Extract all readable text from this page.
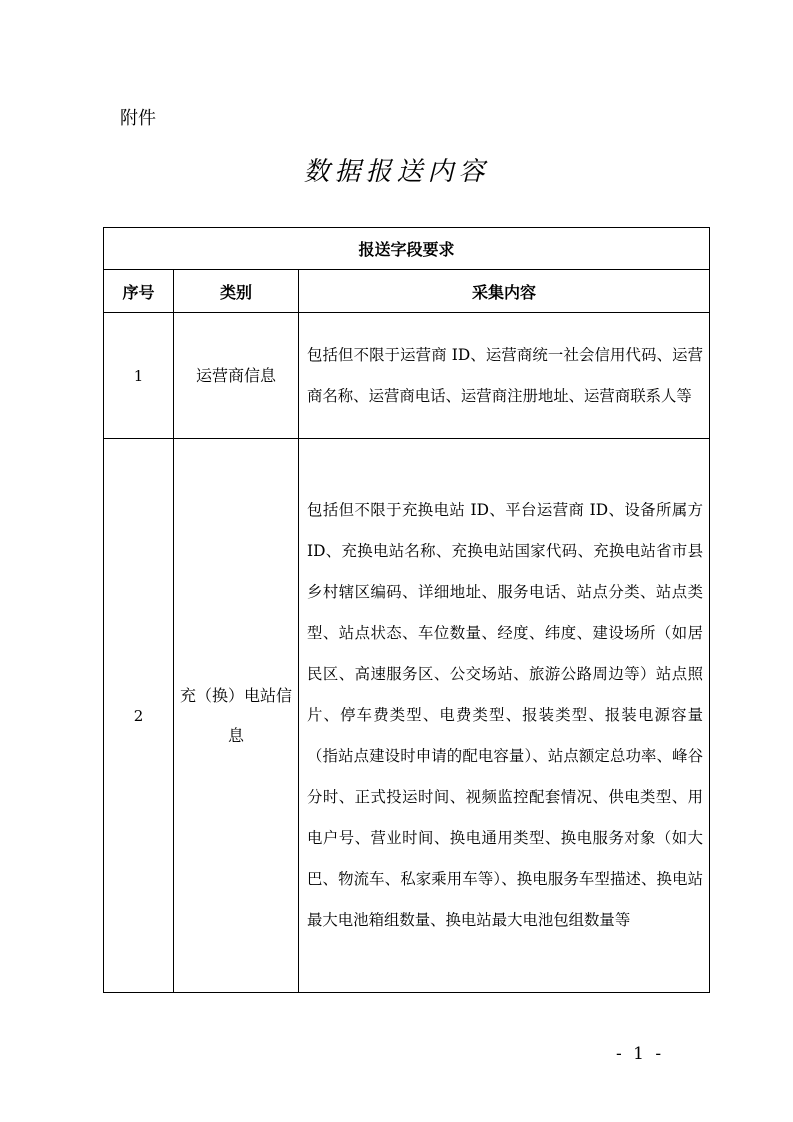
附件
数据报送内容
报送字段要求		
序号	类别	采集内容
1	运营商信息	包括但不限于运营商 ID、运营商统一社会信用代码、运营商名称、运营商电话、运营商注册地址、运营商联系人等
2	充（换）电站信息	包括但不限于充换电站 ID、平台运营商 ID、设备所属方 ID、充换电站名称、充换电站国家代码、充换电站省市县乡村辖区编码、详细地址、服务电话、站点分类、站点类型、站点状态、车位数量、经度、纬度、建设场所（如居民区、高速服务区、公交场站、旅游公路周边等）站点照片、停车费类型、电费类型、报装类型、报装电源容量（指站点建设时申请的配电容量）、站点额定总功率、峰谷分时、正式投运时间、视频监控配套情况、供电类型、用电户号、营业时间、换电通用类型、换电服务对象（如大巴、物流车、私家乘用车等）、换电服务车型描述、换电站最大电池箱组数量、换电站最大电池包组数量等
- 1 -
